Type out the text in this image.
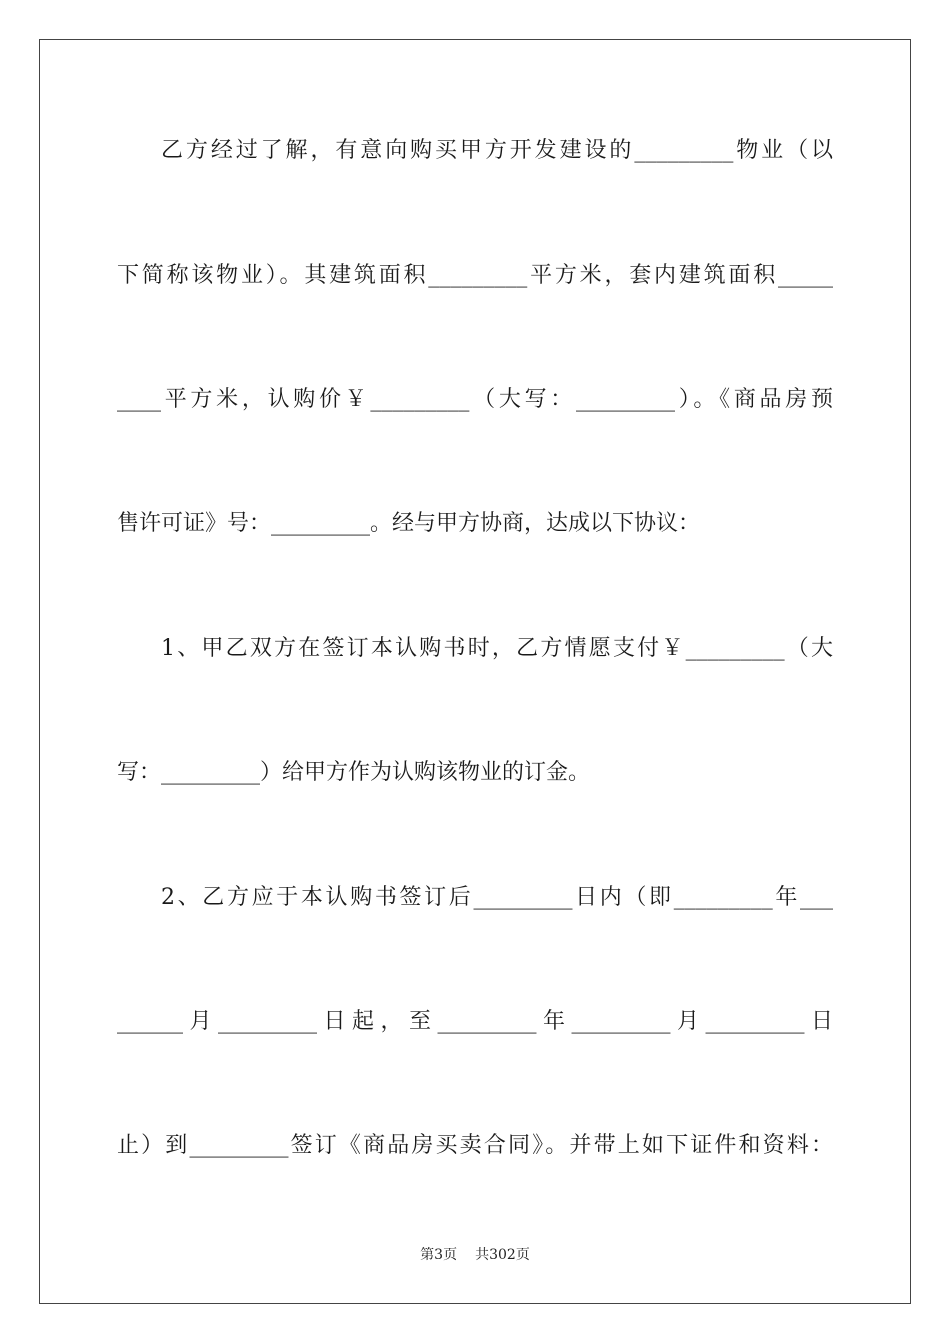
乙方经过了解，有意向购买甲方开发建设的_________物业（以
下简称该物业）。其建筑面积_________平方米，套内建筑面积_____
____平方米，认购价￥_________（大写：_________）。《商品房预
售许可证》号：_________。经与甲方协商，达成以下协议：
1、甲乙双方在签订本认购书时，乙方情愿支付￥_________（大
写：_________）给甲方作为认购该物业的订金。
2、乙方应于本认购书签订后_________日内（即_________年___
______月_________日起，至_________年_________月_________日
止）到_________签订《商品房买卖合同》。并带上如下证件和资料：
第3页 共302页
